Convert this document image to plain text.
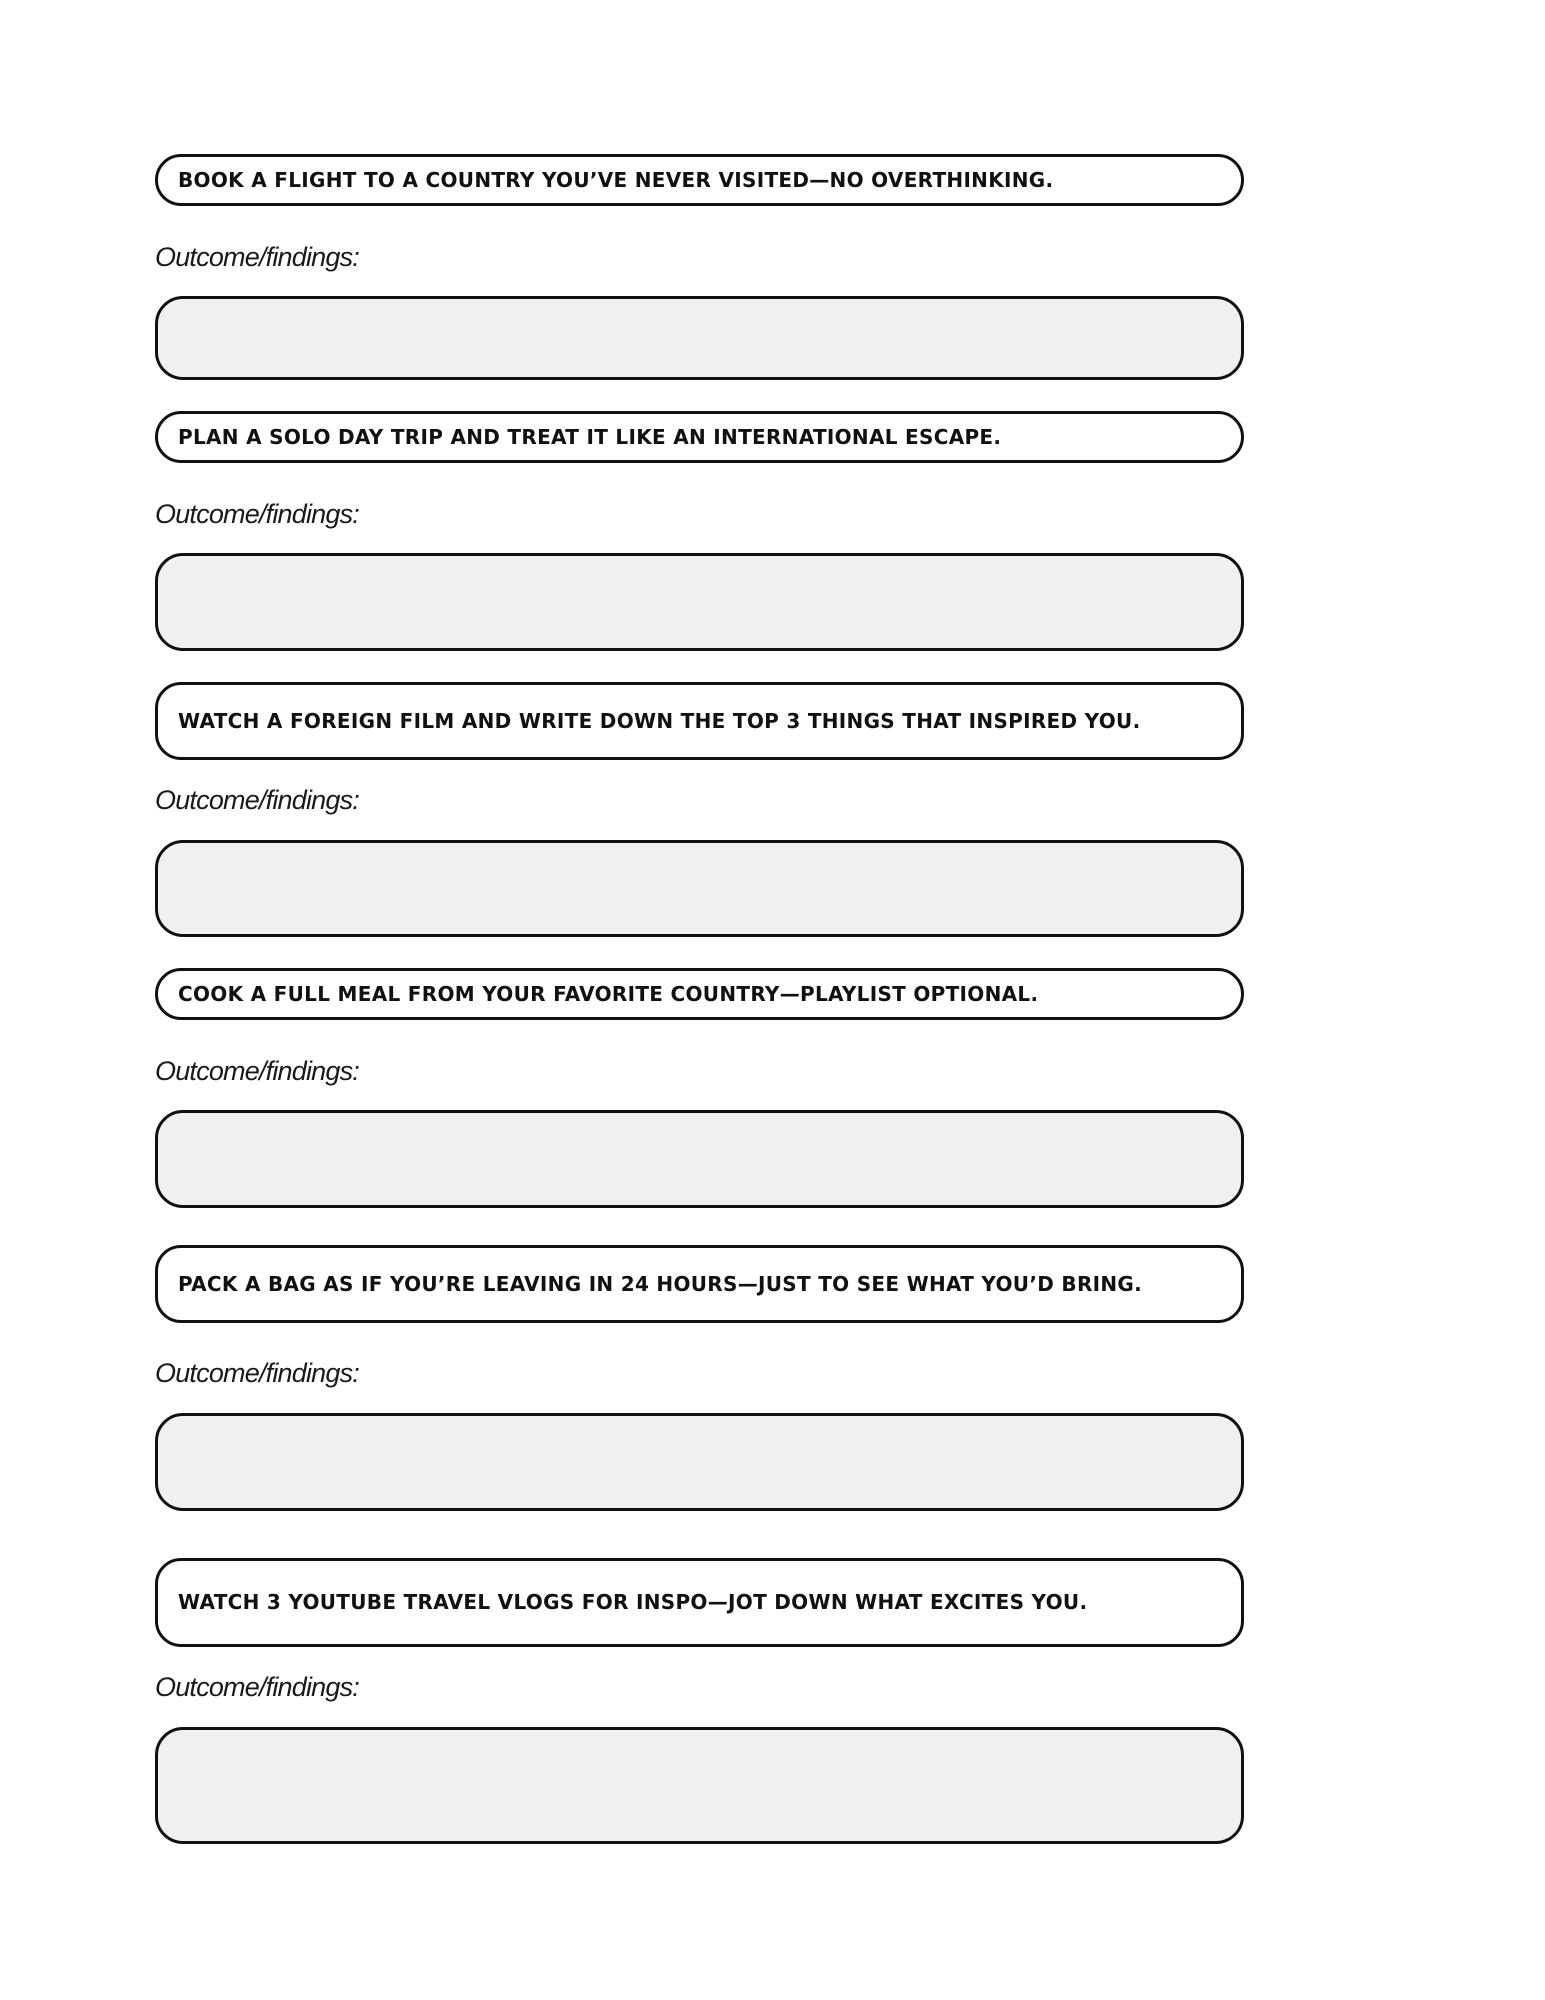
BOOK A FLIGHT TO A COUNTRY YOU’VE NEVER VISITED—NO OVERTHINKING.
Outcome/findings:
PLAN A SOLO DAY TRIP AND TREAT IT LIKE AN INTERNATIONAL ESCAPE.
Outcome/findings:
WATCH A FOREIGN FILM AND WRITE DOWN THE TOP 3 THINGS THAT INSPIRED YOU.
Outcome/findings:
COOK A FULL MEAL FROM YOUR FAVORITE COUNTRY—PLAYLIST OPTIONAL.
Outcome/findings:
PACK A BAG AS IF YOU’RE LEAVING IN 24 HOURS—JUST TO SEE WHAT YOU’D BRING.
Outcome/findings:
WATCH 3 YOUTUBE TRAVEL VLOGS FOR INSPO—JOT DOWN WHAT EXCITES YOU.
Outcome/findings:
